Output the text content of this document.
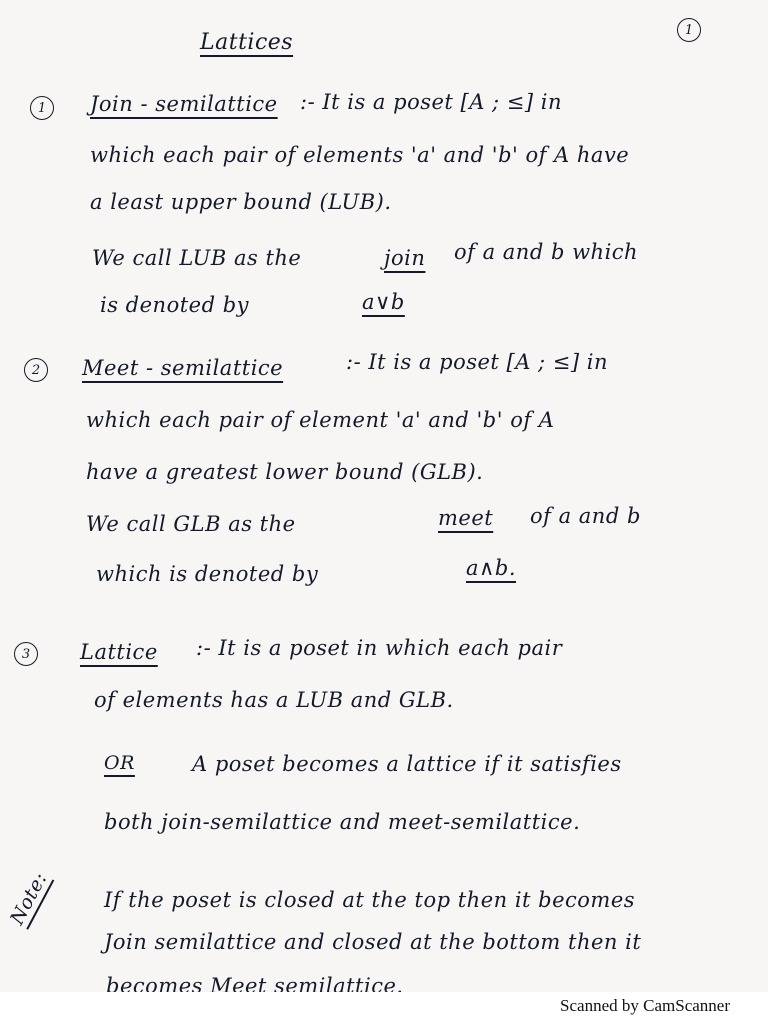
Lattices	1
1 Join - semilattice :- It is a poset [A ; ≤] in
which each pair of elements 'a' and 'b' of A have
a least upper bound (LUB).
We call LUB as the	join of a and b which
is denoted by	a∨b
2 Meet - semilattice	:- It is a poset [A ; ≤] in
which each pair of element 'a' and 'b' of A
have a greatest lower bound (GLB).
We call GLB as the	meet of a and b
which is denoted by	a∧b.
3 Lattice :- It is a poset in which each pair
of elements has a LUB and GLB.
OR	A poset becomes a lattice if it satisfies
both join-semilattice and meet-semilattice.
Note: If the poset is closed at the top then it becomes
Join semilattice and closed at the bottom then it
becomes Meet semilattice.
Scanned by CamScanner
